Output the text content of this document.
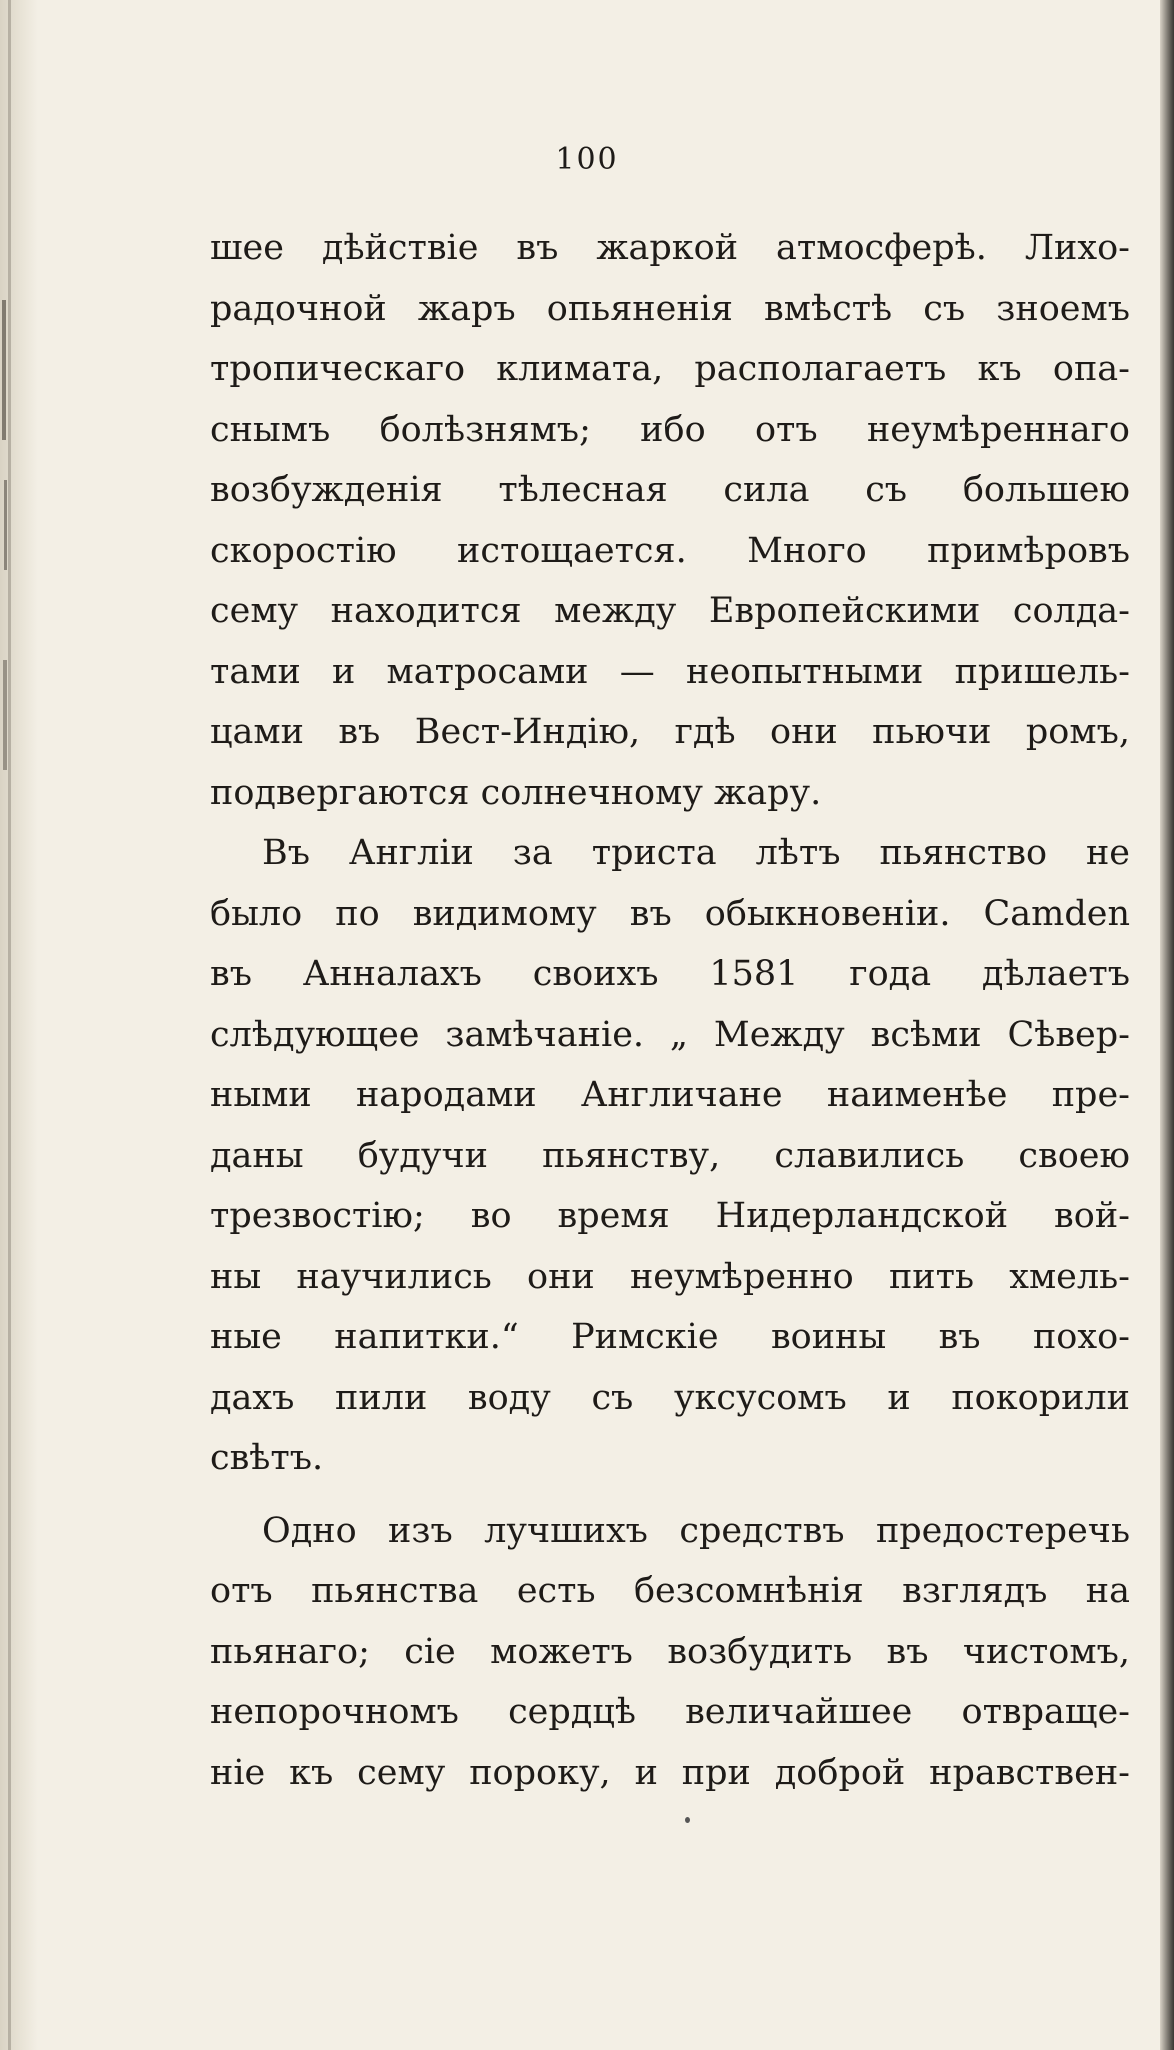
100
шее дѣйствіе въ жаркой атмосферѣ. Лихо-
радочной жаръ опьяненія вмѣстѣ съ зноемъ
тропическаго климата, располагаетъ къ опа-
снымъ болѣзнямъ; ибо отъ неумѣреннаго
возбужденія тѣлесная сила съ большею
скоростію истощается. Много примѣровъ
сему находится между Европейскими солда-
тами и матросами — неопытными пришель-
цами въ Вест-Индію, гдѣ они пьючи ромъ,
подвергаются солнечному жару.
Въ Англіи за триста лѣтъ пьянство не
было по видимому въ обыкновеніи. Camden
въ Анналахъ своихъ 1581 года дѣлаетъ
слѣдующее замѣчаніе. „ Между всѣми Сѣвер-
ными народами Англичане наименѣе пре-
даны будучи пьянству, славились своею
трезвостію; во время Нидерландской вой-
ны научились они неумѣренно пить хмель-
ные напитки.“ Римскіе воины въ похо-
дахъ пили воду съ уксусомъ и покорили
свѣтъ.
Одно изъ лучшихъ средствъ предостеречь
отъ пьянства есть безсомнѣнія взглядъ на
пьянаго; сіе можетъ возбудить въ чистомъ,
непорочномъ сердцѣ величайшее отвраще-
ніе къ сему пороку, и при доброй нравствен-
